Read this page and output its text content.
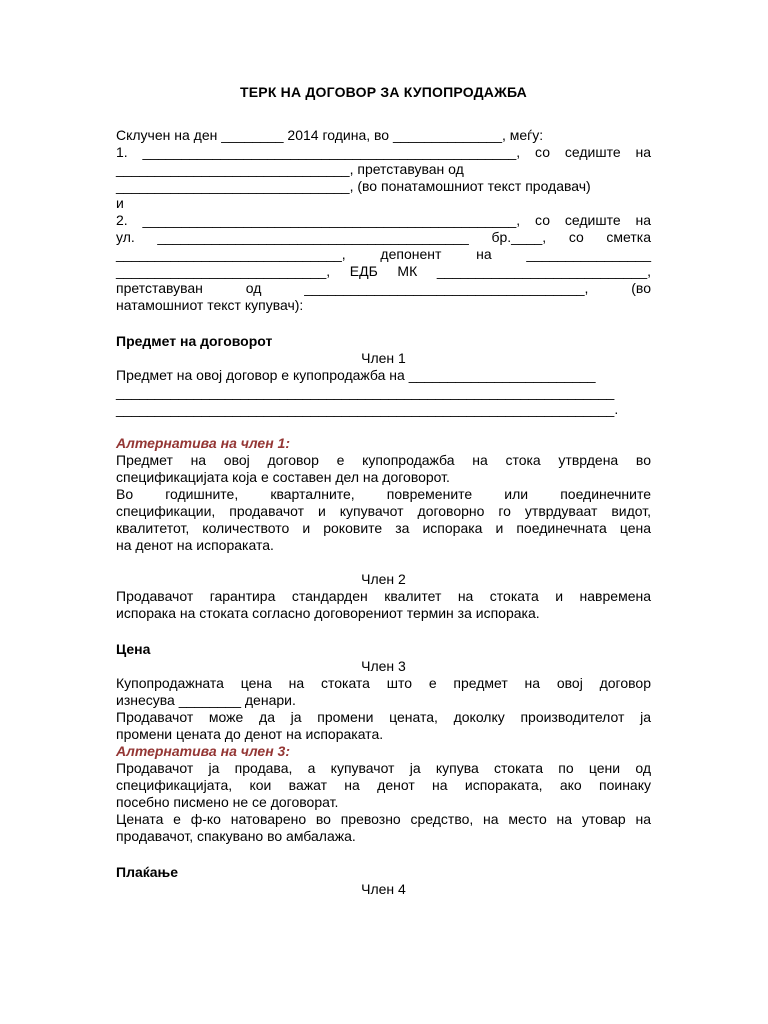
ТЕРК НА ДОГОВОР ЗА КУПОПРОДАЖБА
Склучен на ден ________ 2014 година, во ______________, меѓу:
1. ________________________________________________, со седиште на
______________________________, претставуван од
______________________________, (во понатамошниот текст продавач)
и
2. ________________________________________________, со седиште на
ул. ________________________________________ бр.____, со сметка
_____________________________, депонент на ________________
___________________________, ЕДБ МК ___________________________,
претставуван од ____________________________________, (во
натамошниот текст купувач):
Предмет на договорот
Член 1
Предмет на овој договор е купопродажба на ________________________
________________________________________________________________
________________________________________________________________.
Алтернатива на член 1:
Предмет на овој договор е купопродажба на стока утврдена во
спецификацијата која е составен дел на договорот.
Во годишните, кварталните, повремените или поединечните
спецификации, продавачот и купувачот договорно го утврдуваат видот,
квалитетот, количеството и роковите за испорака и поединечната цена
на денот на испораката.
Член 2
Продавачот гарантира стандарден квалитет на стоката и навремена
испорака на стоката согласно договорениот термин за испорака.
Цена
Член 3
Купопродажната цена на стоката што е предмет на овој договор
изнесува ________ денари.
Продавачот може да ја промени цената, доколку производителот ја
промени цената до денот на испораката.
Алтернатива на член 3:
Продавачот ја продава, а купувачот ја купува стоката по цени од
спецификацијата, кои важат на денот на испораката, ако поинаку
посебно писмено не се договорат.
Цената е ф-ко натоварено во превозно средство, на место на утовар на
продавачот, спакувано во амбалажа.
Плаќање
Член 4
